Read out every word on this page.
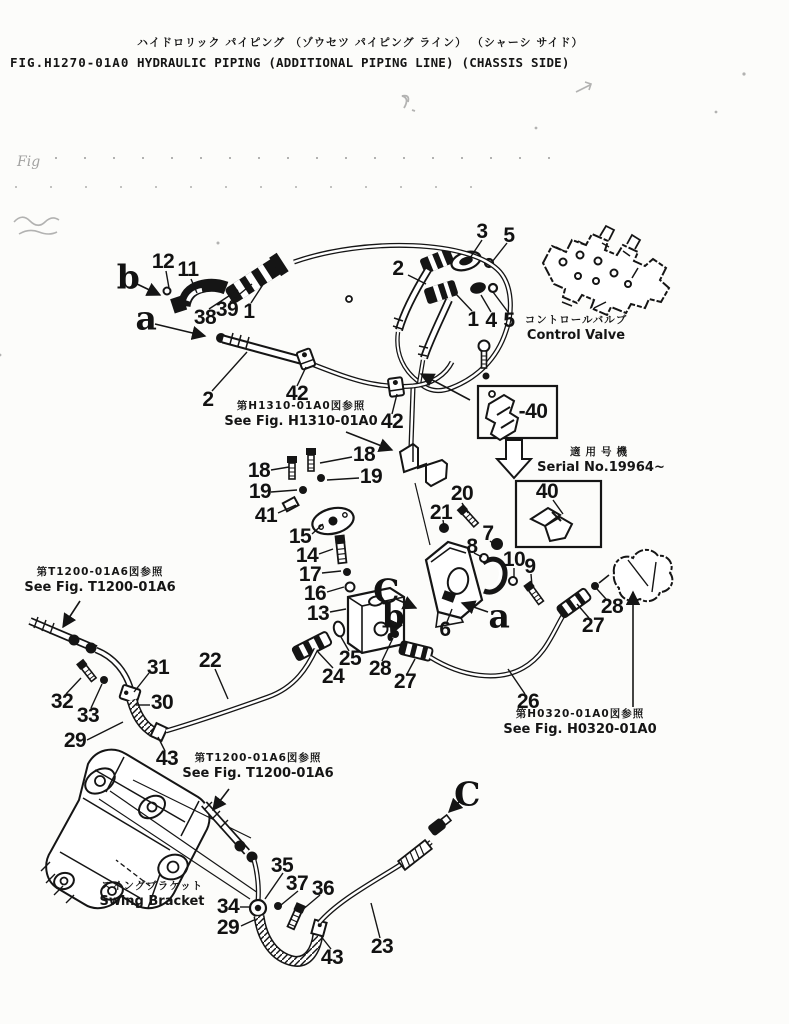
Fig
ハイドロリック パイピング （ゾウセツ パイピング ライン） （シャーシ サイド）
FIG.H1270-01A0 HYDRAULIC PIPING (ADDITIONAL PIPING LINE) (CHASSIS SIDE)
コントロールバルブ
Control Valve
第H1310-01A0図参照
See Fig. H1310-01A0
適用号機
Serial No.19964~
第T1200-01A6図参照
See Fig. T1200-01A6
第H0320-01A0図参照
See Fig. H0320-01A0
第T1200-01A6図参照
See Fig. T1200-01A6
スイングブラケット
Swing Bracket
3 5
2
1 4 5
b 12 11
38 39 1
a
2	42
42	-40
40
18
19
41
18
19
15
14
17
16
13
20
21
8
7
10 9
C
b	a
6
28
27
22	25
24 28
27
26
31
30
32
33
29
43
C
35
37 36
34
29
43 23
